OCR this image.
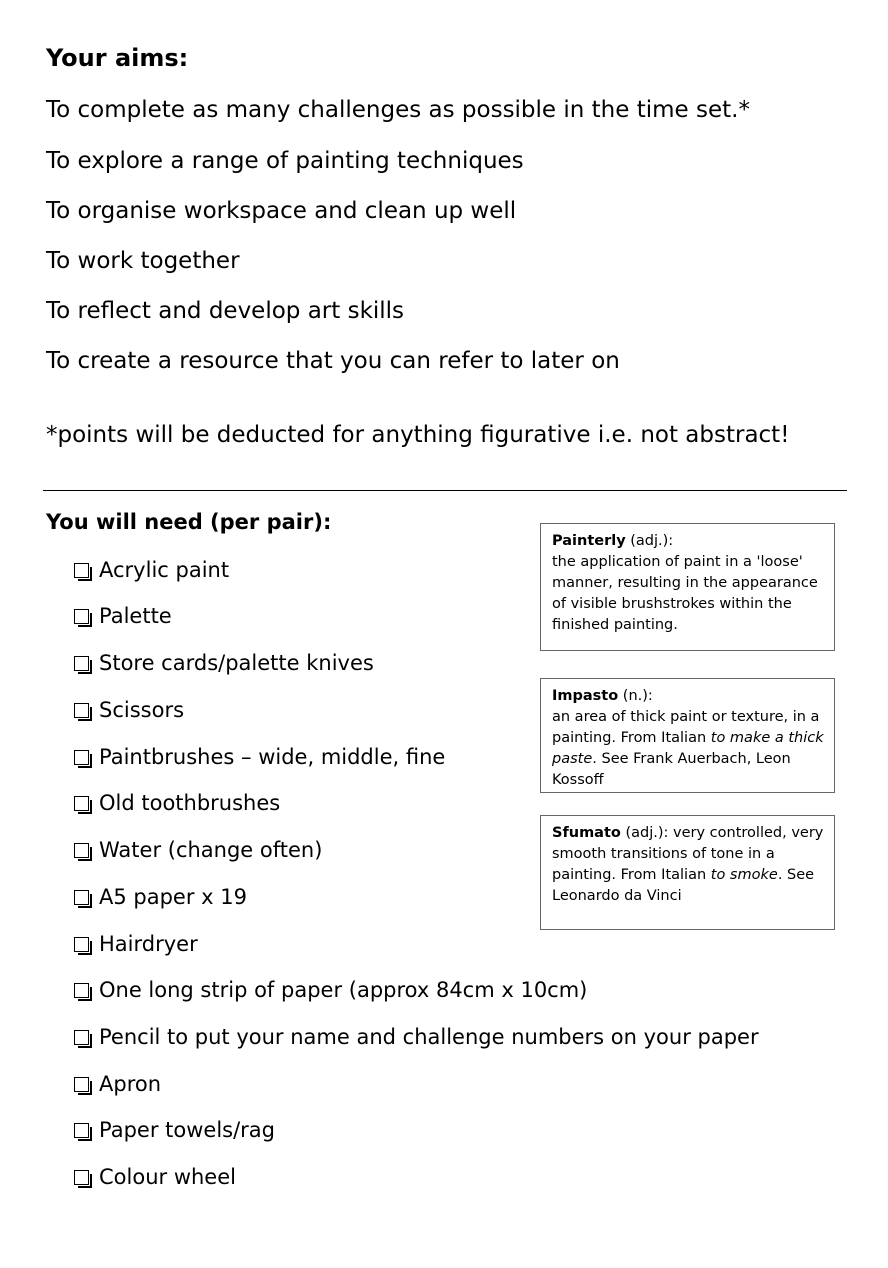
Your aims:
To complete as many challenges as possible in the time set.*
To explore a range of painting techniques
To organise workspace and clean up well
To work together
To reflect and develop art skills
To create a resource that you can refer to later on
*points will be deducted for anything figurative i.e. not abstract!
You will need (per pair):
Acrylic paint
Palette
Store cards/palette knives
Scissors
Paintbrushes – wide, middle, fine
Old toothbrushes
Water (change often)
A5 paper x 19
Hairdryer
One long strip of paper (approx 84cm x 10cm)
Pencil to put your name and challenge numbers on your paper
Apron
Paper towels/rag
Colour wheel
Painterly (adj.):
the application of paint in a 'loose' manner, resulting in the appearance of visible brushstrokes within the finished painting.
Impasto (n.):
an area of thick paint or texture, in a painting. From Italian to make a thick paste. See Frank Auerbach, Leon Kossoff
Sfumato (adj.): very controlled, very smooth transitions of tone in a painting. From Italian to smoke. See Leonardo da Vinci
